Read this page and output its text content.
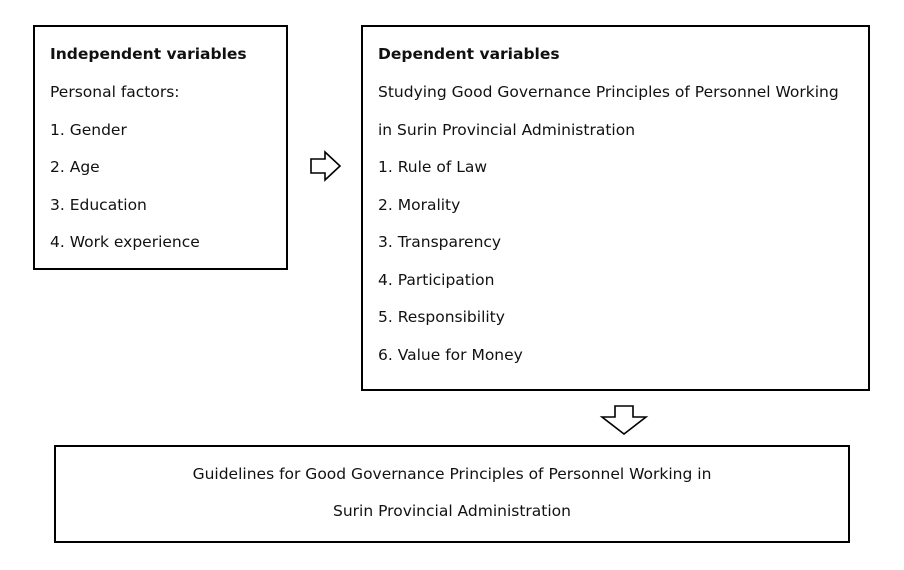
Independent variables
Personal factors:
1. Gender
2. Age
3. Education
4. Work experience
Dependent variables
Studying Good Governance Principles of Personnel Working
in Surin Provincial Administration
1. Rule of Law
2. Morality
3. Transparency
4. Participation
5. Responsibility
6. Value for Money
Guidelines for Good Governance Principles of Personnel Working in
Surin Provincial Administration
